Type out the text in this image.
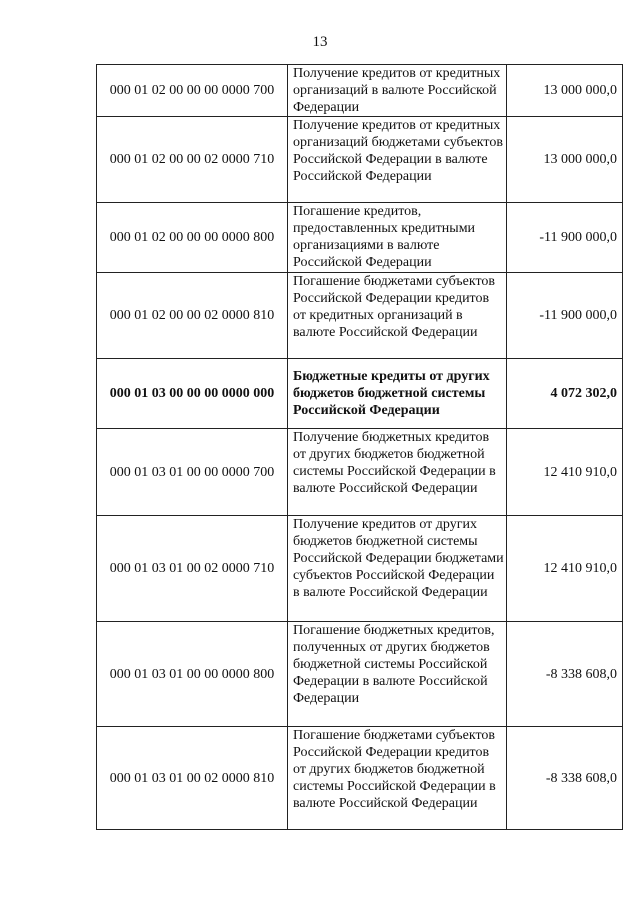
13
000 01 02 00 00 00 0000 700	Получение кредитов от кредитных организаций в валюте Российской Федерации	13 000 000,0
000 01 02 00 00 02 0000 710	Получение кредитов от кредитных организаций бюджетами субъектов Российской Федерации в валюте Российской Федерации	13 000 000,0
000 01 02 00 00 00 0000 800	Погашение кредитов, предоставленных кредитными организациями в валюте Российской Федерации	-11 900 000,0
000 01 02 00 00 02 0000 810	Погашение бюджетами субъектов Российской Федерации кредитов от кредитных организаций в валюте Российской Федерации	-11 900 000,0
000 01 03 00 00 00 0000 000	Бюджетные кредиты от других бюджетов бюджетной системы Российской Федерации	4 072 302,0
000 01 03 01 00 00 0000 700	Получение бюджетных кредитов от других бюджетов бюджетной системы Российской Федерации в валюте Российской Федерации	12 410 910,0
000 01 03 01 00 02 0000 710	Получение кредитов от других бюджетов бюджетной системы Российской Федерации бюджетами субъектов Российской Федерации в валюте Российской Федерации	12 410 910,0
000 01 03 01 00 00 0000 800	Погашение бюджетных кредитов, полученных от других бюджетов бюджетной системы Российской Федерации в валюте Российской Федерации	-8 338 608,0
000 01 03 01 00 02 0000 810	Погашение бюджетами субъектов Российской Федерации кредитов от других бюджетов бюджетной системы Российской Федерации в валюте Российской Федерации	-8 338 608,0
